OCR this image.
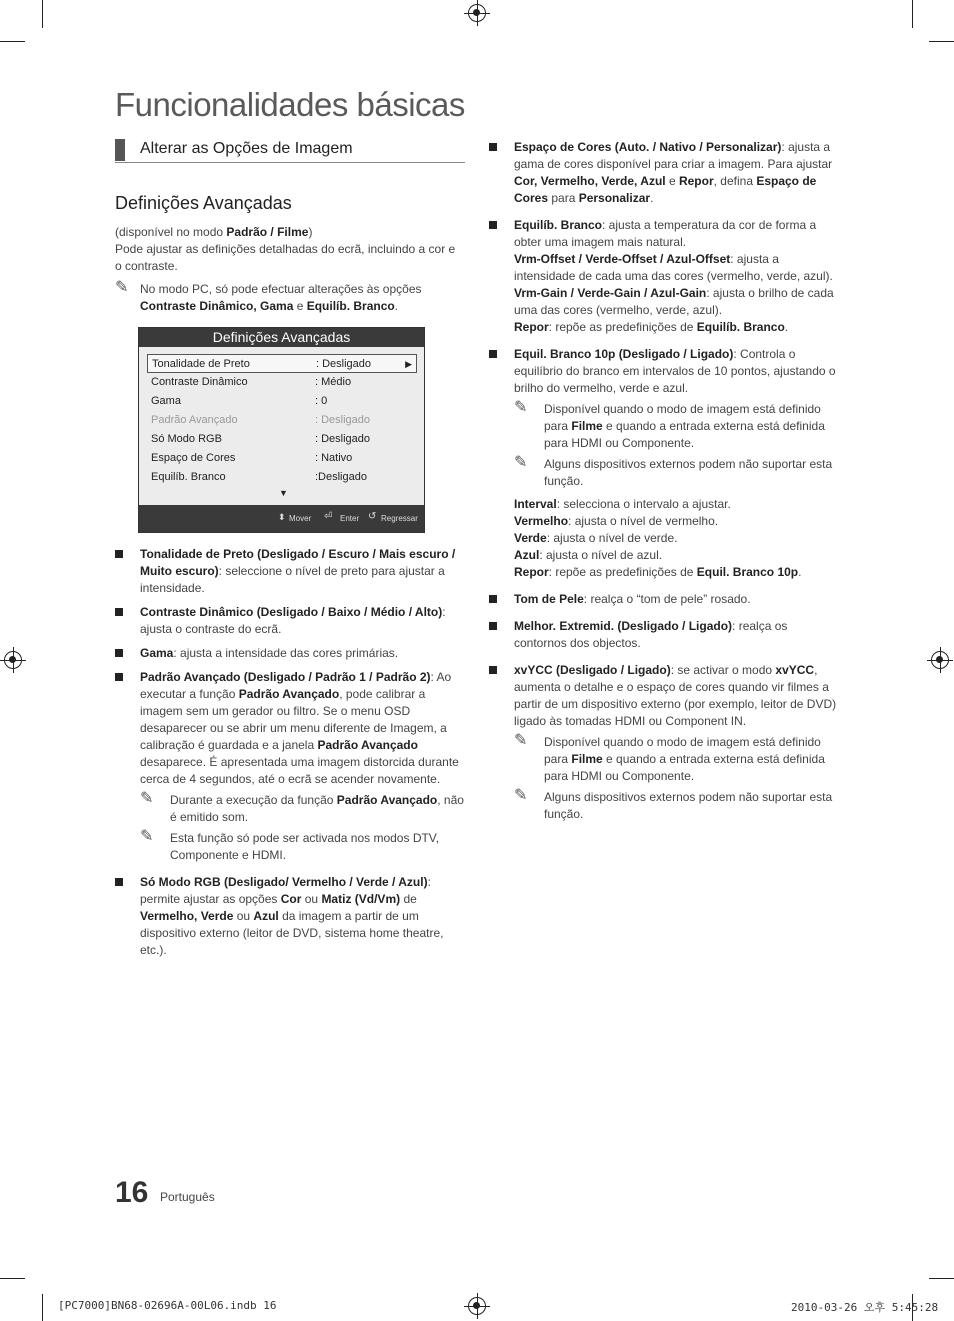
Funcionalidades básicas
Alterar as Opções de Imagem
Definições Avançadas

(disponível no modo Padrão / Filme)

Pode ajustar as definições detalhadas do ecrã, incluindo a cor e o contraste.

✎ No modo PC, só pode efectuar alterações às opções Contraste Dinâmico, Gama e Equilíb. Branco.
Definições Avançadas
Tonalidade de Preto	: Desligado	▶
Contraste Dinâmico	: Médio
Gama	: 0
Padrão Avançado	: Desligado
Só Modo RGB	: Desligado
Espaço de Cores	: Nativo
Equilíb. Branco	:Desligado
▼
⬍ Mover ⏎ Enter ↺ Regressar
Tonalidade de Preto (Desligado / Escuro / Mais escuro / Muito escuro): seleccione o nível de preto para ajustar a intensidade.
Contraste Dinâmico (Desligado / Baixo / Médio / Alto): ajusta o contraste do ecrã.
Gama: ajusta a intensidade das cores primárias.
Padrão Avançado (Desligado / Padrão 1 / Padrão 2): Ao executar a função Padrão Avançado, pode calibrar a imagem sem um gerador ou filtro. Se o menu OSD desaparecer ou se abrir um menu diferente de Imagem, a calibração é guardada e a janela Padrão Avançado desaparece. É apresentada uma imagem distorcida durante cerca de 4 segundos, até o ecrã se acender novamente.
✎ Durante a execução da função Padrão Avançado, não é emitido som.
✎ Esta função só pode ser activada nos modos DTV, Componente e HDMI.
Só Modo RGB (Desligado/ Vermelho / Verde / Azul): permite ajustar as opções Cor ou Matiz (Vd/Vm) de Vermelho, Verde ou Azul da imagem a partir de um dispositivo externo (leitor de DVD, sistema home theatre, etc.).
Espaço de Cores (Auto. / Nativo / Personalizar): ajusta a gama de cores disponível para criar a imagem. Para ajustar Cor, Vermelho, Verde, Azul e Repor, defina Espaço de Cores para Personalizar.
Equilíb. Branco: ajusta a temperatura da cor de forma a obter uma imagem mais natural.

Vrm-Offset / Verde-Offset / Azul-Offset: ajusta a intensidade de cada uma das cores (vermelho, verde, azul).

Vrm-Gain / Verde-Gain / Azul-Gain: ajusta o brilho de cada uma das cores (vermelho, verde, azul).

Repor: repõe as predefinições de Equilíb. Branco.

Equil. Branco 10p (Desligado / Ligado): Controla o equilíbrio do branco em intervalos de 10 pontos, ajustando o brilho do vermelho, verde e azul.
✎ Disponível quando o modo de imagem está definido para Filme e quando a entrada externa está definida para HDMI ou Componente.
✎ Alguns dispositivos externos podem não suportar esta função.

Interval: selecciona o intervalo a ajustar.

Vermelho: ajusta o nível de vermelho.

Verde: ajusta o nível de verde.

Azul: ajusta o nível de azul.

Repor: repõe as predefinições de Equil. Branco 10p.

Tom de Pele: realça o “tom de pele” rosado.
Melhor. Extremid. (Desligado / Ligado): realça os contornos dos objectos.
xvYCC (Desligado / Ligado): se activar o modo xvYCC, aumenta o detalhe e o espaço de cores quando vir filmes a partir de um dispositivo externo (por exemplo, leitor de DVD) ligado às tomadas HDMI ou Component IN.
✎ Disponível quando o modo de imagem está definido para Filme e quando a entrada externa está definida para HDMI ou Componente.
✎ Alguns dispositivos externos podem não suportar esta função.
16 Português
[PC7000]BN68-02696A-00L06.indb 16	2010-03-26 오후 5:45:28
